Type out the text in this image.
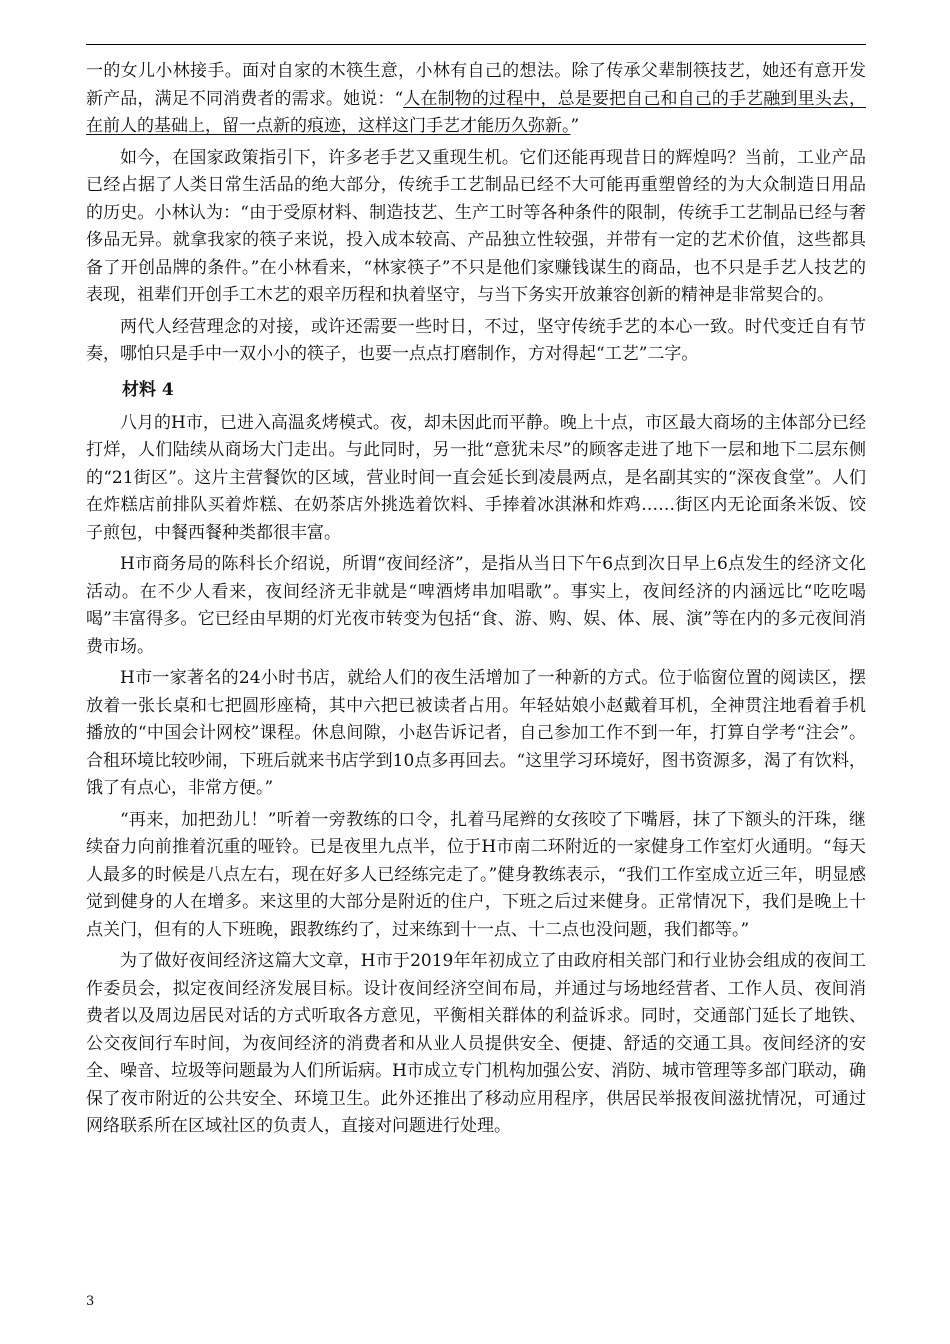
一的女儿小林接手。面对自家的木筷生意，小林有自己的想法。除了传承父辈制筷技艺，她还有意开发新产品，满足不同消费者的需求。她说：“人在制物的过程中，总是要把自己和自己的手艺融到里头去，在前人的基础上，留一点新的痕迹，这样这门手艺才能历久弥新。”

如今，在国家政策指引下，许多老手艺又重现生机。它们还能再现昔日的辉煌吗？当前，工业产品已经占据了人类日常生活品的绝大部分，传统手工艺制品已经不大可能再重塑曾经的为大众制造日用品的历史。小林认为：“由于受原材料、制造技艺、生产工时等各种条件的限制，传统手工艺制品已经与奢侈品无异。就拿我家的筷子来说，投入成本较高、产品独立性较强，并带有一定的艺术价值，这些都具备了开创品牌的条件。”在小林看来，“林家筷子”不只是他们家赚钱谋生的商品，也不只是手艺人技艺的表现，祖辈们开创手工木艺的艰辛历程和执着坚守，与当下务实开放兼容创新的精神是非常契合的。

两代人经营理念的对接，或许还需要一些时日，不过，坚守传统手艺的本心一致。时代变迁自有节奏，哪怕只是手中一双小小的筷子，也要一点点打磨制作，方对得起“工艺”二字。

材料 4

八月的H市，已进入高温炙烤模式。夜，却未因此而平静。晚上十点，市区最大商场的主体部分已经打烊，人们陆续从商场大门走出。与此同时，另一批“意犹未尽”的顾客走进了地下一层和地下二层东侧的“21街区”。这片主营餐饮的区域，营业时间一直会延长到凌晨两点，是名副其实的“深夜食堂”。人们在炸糕店前排队买着炸糕、在奶茶店外挑选着饮料、手捧着冰淇淋和炸鸡……街区内无论面条米饭、饺子煎包，中餐西餐种类都很丰富。

H市商务局的陈科长介绍说，所谓“夜间经济”，是指从当日下午6点到次日早上6点发生的经济文化活动。在不少人看来，夜间经济无非就是“啤酒烤串加唱歌”。事实上，夜间经济的内涵远比“吃吃喝喝”丰富得多。它已经由早期的灯光夜市转变为包括“食、游、购、娱、体、展、演”等在内的多元夜间消费市场。

H市一家著名的24小时书店，就给人们的夜生活增加了一种新的方式。位于临窗位置的阅读区，摆放着一张长桌和七把圆形座椅，其中六把已被读者占用。年轻姑娘小赵戴着耳机，全神贯注地看着手机播放的“中国会计网校”课程。休息间隙，小赵告诉记者，自己参加工作不到一年，打算自学考“注会”。合租环境比较吵闹，下班后就来书店学到10点多再回去。“这里学习环境好，图书资源多，渴了有饮料，饿了有点心，非常方便。”

“再来，加把劲儿！”听着一旁教练的口令，扎着马尾辫的女孩咬了下嘴唇，抹了下额头的汗珠，继续奋力向前推着沉重的哑铃。已是夜里九点半，位于H市南二环附近的一家健身工作室灯火通明。“每天人最多的时候是八点左右，现在好多人已经练完走了。”健身教练表示，“我们工作室成立近三年，明显感觉到健身的人在增多。来这里的大部分是附近的住户，下班之后过来健身。正常情况下，我们是晚上十点关门，但有的人下班晚，跟教练约了，过来练到十一点、十二点也没问题，我们都等。”

为了做好夜间经济这篇大文章，H市于2019年年初成立了由政府相关部门和行业协会组成的夜间工作委员会，拟定夜间经济发展目标。设计夜间经济空间布局，并通过与场地经营者、工作人员、夜间消费者以及周边居民对话的方式听取各方意见，平衡相关群体的利益诉求。同时，交通部门延长了地铁、公交夜间行车时间，为夜间经济的消费者和从业人员提供安全、便捷、舒适的交通工具。夜间经济的安全、噪音、垃圾等问题最为人们所诟病。H市成立专门机构加强公安、消防、城市管理等多部门联动，确保了夜市附近的公共安全、环境卫生。此外还推出了移动应用程序，供居民举报夜间滋扰情况，可通过网络联系所在区域社区的负责人，直接对问题进行处理。

3
